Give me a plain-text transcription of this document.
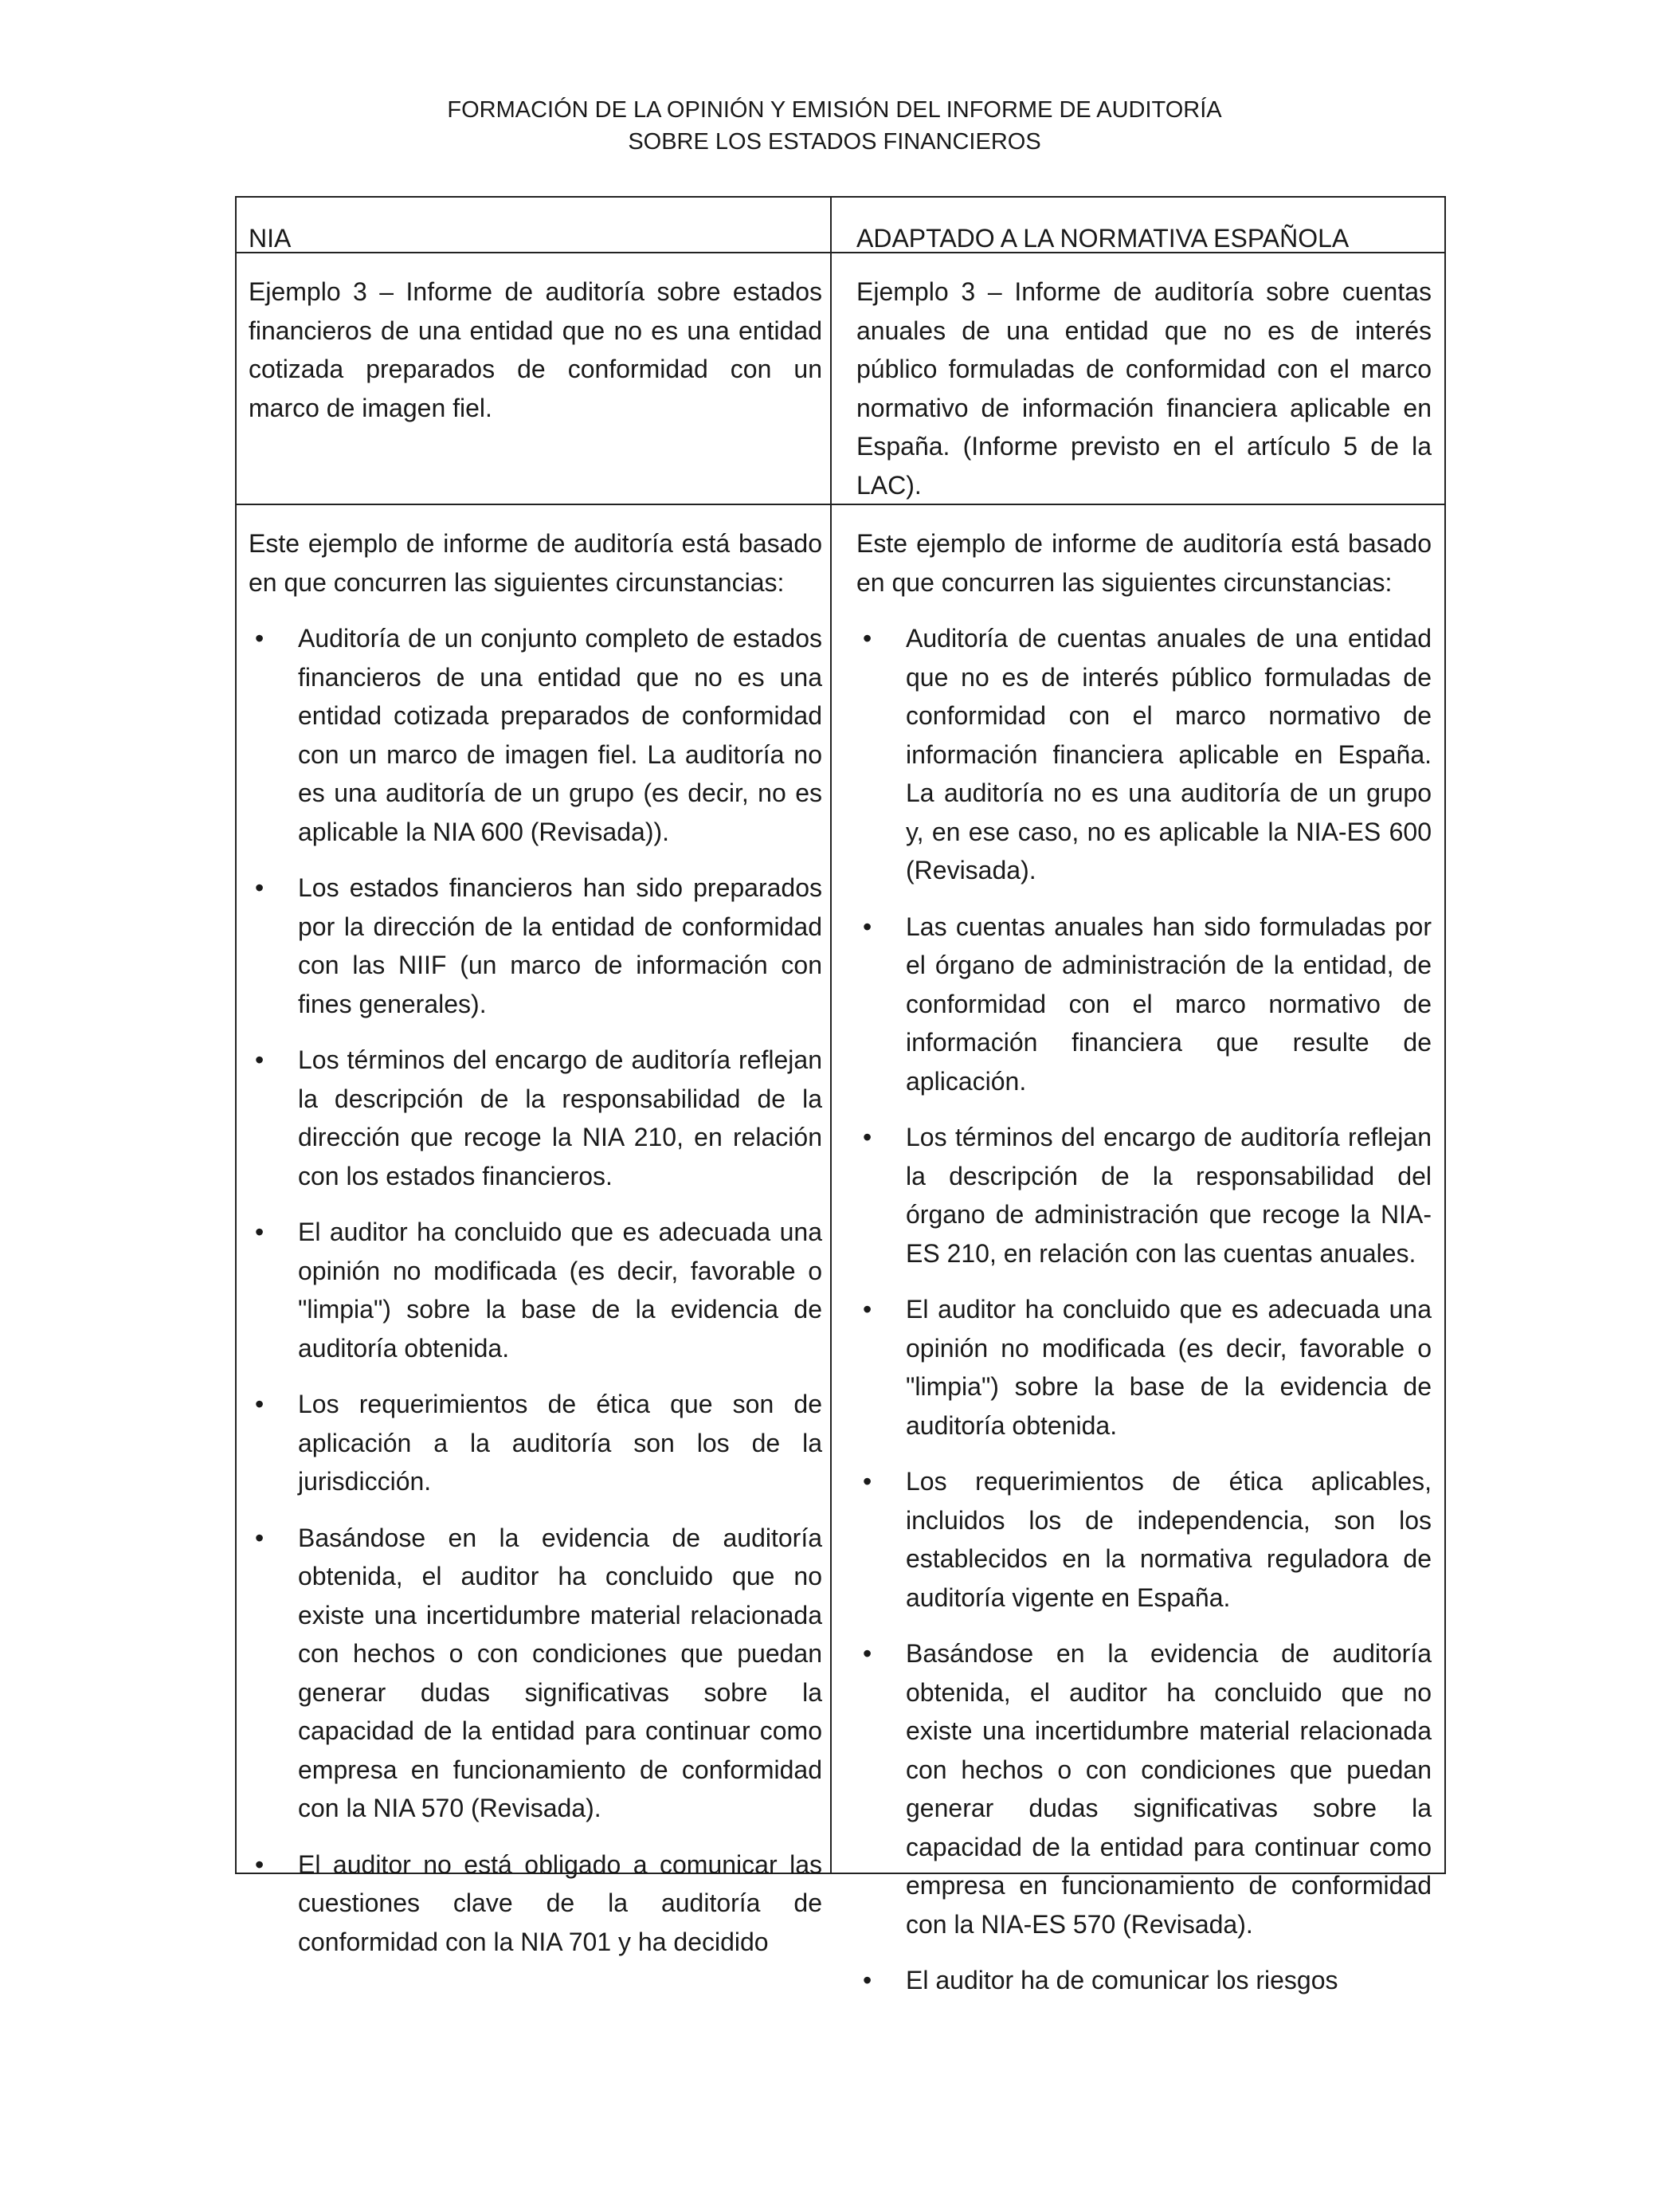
FORMACIÓN DE LA OPINIÓN Y EMISIÓN DEL INFORME DE AUDITORÍA
SOBRE LOS ESTADOS FINANCIEROS
NIA	ADAPTADO A LA NORMATIVA ESPAÑOLA
Ejemplo 3 – Informe de auditoría sobre estados financieros de una entidad que no es una entidad cotizada preparados de conformidad con un marco de imagen fiel.
Ejemplo 3 – Informe de auditoría sobre cuentas anuales de una entidad que no es de interés público formuladas de conformidad con el marco normativo de información financiera aplicable en España. (Informe previsto en el artículo 5 de la LAC).

Este ejemplo de informe de auditoría está basado en que concurren las siguientes circunstancias:

• Auditoría de un conjunto completo de estados financieros de una entidad que no es una entidad cotizada preparados de conformidad con un marco de imagen fiel. La auditoría no es una auditoría de un grupo (es decir, no es aplicable la NIA 600 (Revisada)).
• Los estados financieros han sido preparados por la dirección de la entidad de conformidad con las NIIF (un marco de información con fines generales).
• Los términos del encargo de auditoría reflejan la descripción de la responsabilidad de la dirección que recoge la NIA 210, en relación con los estados financieros.
• El auditor ha concluido que es adecuada una opinión no modificada (es decir, favorable o "limpia") sobre la base de la evidencia de auditoría obtenida.
• Los requerimientos de ética que son de aplicación a la auditoría son los de la jurisdicción.
• Basándose en la evidencia de auditoría obtenida, el auditor ha concluido que no existe una incertidumbre material relacionada con hechos o con condiciones que puedan generar dudas significativas sobre la capacidad de la entidad para continuar como empresa en funcionamiento de conformidad con la NIA 570 (Revisada).
• El auditor no está obligado a comunicar las cuestiones clave de la auditoría de conformidad con la NIA 701 y ha decidido

Este ejemplo de informe de auditoría está basado en que concurren las siguientes circunstancias:

• Auditoría de cuentas anuales de una entidad que no es de interés público formuladas de conformidad con el marco normativo de información financiera aplicable en España. La auditoría no es una auditoría de un grupo y, en ese caso, no es aplicable la NIA-ES 600 (Revisada).
• Las cuentas anuales han sido formuladas por el órgano de administración de la entidad, de conformidad con el marco normativo de información financiera que resulte de aplicación.
• Los términos del encargo de auditoría reflejan la descripción de la responsabilidad del órgano de administración que recoge la NIA-ES 210, en relación con las cuentas anuales.
• El auditor ha concluido que es adecuada una opinión no modificada (es decir, favorable o "limpia") sobre la base de la evidencia de auditoría obtenida.
• Los requerimientos de ética aplicables, incluidos los de independencia, son los establecidos en la normativa reguladora de auditoría vigente en España.
• Basándose en la evidencia de auditoría obtenida, el auditor ha concluido que no existe una incertidumbre material relacionada con hechos o con condiciones que puedan generar dudas significativas sobre la capacidad de la entidad para continuar como empresa en funcionamiento de conformidad con la NIA-ES 570 (Revisada).
• El auditor ha de comunicar los riesgos
